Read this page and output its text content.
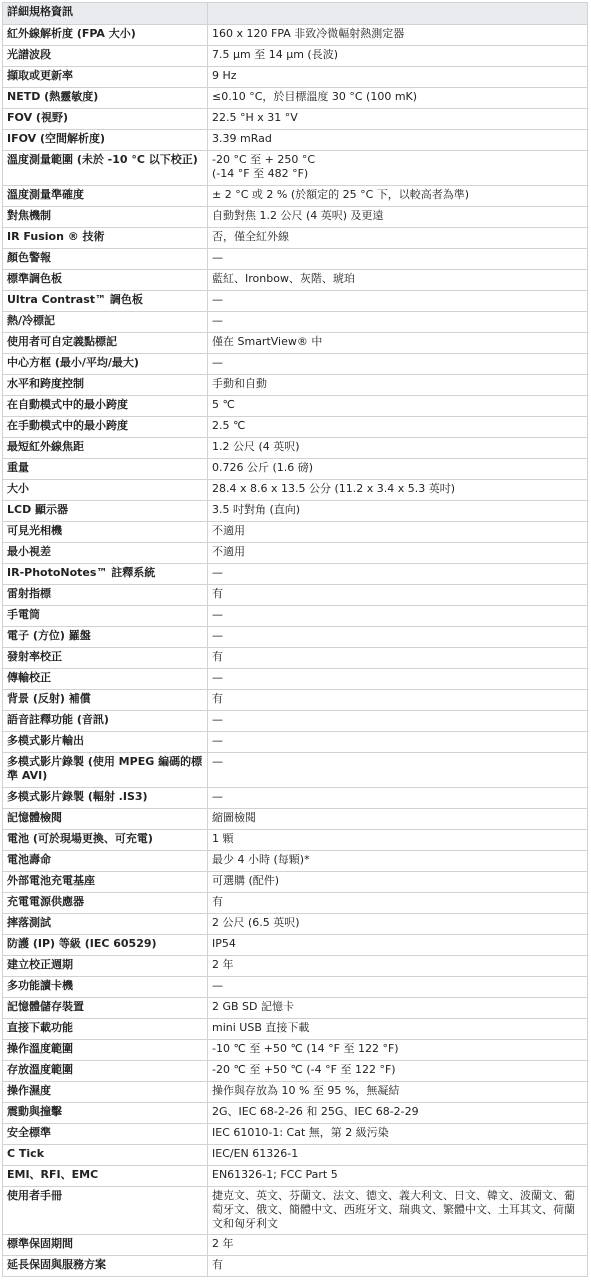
詳細規格資訊	
紅外線解析度 (FPA 大小)	160 x 120 FPA 非致冷微輻射熱測定器
光譜波段	7.5 μm 至 14 μm (長波)
擷取或更新率	9 Hz
NETD (熱靈敏度)	≤0.10 °C，於目標溫度 30 °C (100 mK)
FOV (視野)	22.5 °H x 31 °V
IFOV (空間解析度)	3.39 mRad
溫度測量範圍 (未於 -10 °C 以下校正)	-20 °C 至 + 250 °C
(-14 °F 至 482 °F)
溫度測量準確度	± 2 °C 或 2 % (於額定的 25 °C 下，以較高者為準)
對焦機制	自動對焦 1.2 公尺 (4 英呎) 及更遠
IR Fusion ® 技術	否，僅全紅外線
顏色警報	—
標準調色板	藍紅、Ironbow、灰階、琥珀
Ultra Contrast™ 調色板	—
熱/冷標記	—
使用者可自定義點標記	僅在 SmartView® 中
中心方框 (最小/平均/最大)	—
水平和跨度控制	手動和自動
在自動模式中的最小跨度	5 ℃
在手動模式中的最小跨度	2.5 ℃
最短紅外線焦距	1.2 公尺 (4 英呎)
重量	0.726 公斤 (1.6 磅)
大小	28.4 x 8.6 x 13.5 公分 (11.2 x 3.4 x 5.3 英吋)
LCD 顯示器	3.5 吋對角 (直向)
可見光相機	不適用
最小視差	不適用
IR-PhotoNotes™ 註釋系統	—
雷射指標	有
手電筒	—
電子 (方位) 羅盤	—
發射率校正	有
傳輸校正	—
背景 (反射) 補償	有
語音註釋功能 (音訊)	—
多模式影片輸出	—
多模式影片錄製 (使用 MPEG 編碼的標準 AVI)	—
多模式影片錄製 (輻射 .IS3)	—
記憶體檢閱	縮圖檢閱
電池 (可於現場更換、可充電)	1 顆
電池壽命	最少 4 小時 (每顆)*
外部電池充電基座	可選購 (配件)
充電電源供應器	有
摔落測試	2 公尺 (6.5 英呎)
防護 (IP) 等級 (IEC 60529)	IP54
建立校正週期	2 年
多功能讀卡機	—
記憶體儲存裝置	2 GB SD 記憶卡
直接下載功能	mini USB 直接下載
操作溫度範圍	-10 ℃ 至 +50 ℃ (14 °F 至 122 °F)
存放溫度範圍	-20 ℃ 至 +50 ℃ (-4 °F 至 122 °F)
操作濕度	操作與存放為 10 % 至 95 %，無凝結
震動與撞擊	2G、IEC 68-2-26 和 25G、IEC 68-2-29
安全標準	IEC 61010-1: Cat 無，第 2 級污染
C Tick	IEC/EN 61326-1
EMI、RFI、EMC	EN61326-1; FCC Part 5
使用者手冊	捷克文、英文、芬蘭文、法文、德文、義大利文、日文、韓文、波蘭文、葡萄牙文、俄文、簡體中文、西班牙文、瑞典文、繁體中文、土耳其文、荷蘭文和匈牙利文
標準保固期間	2 年
延長保固與服務方案	有
